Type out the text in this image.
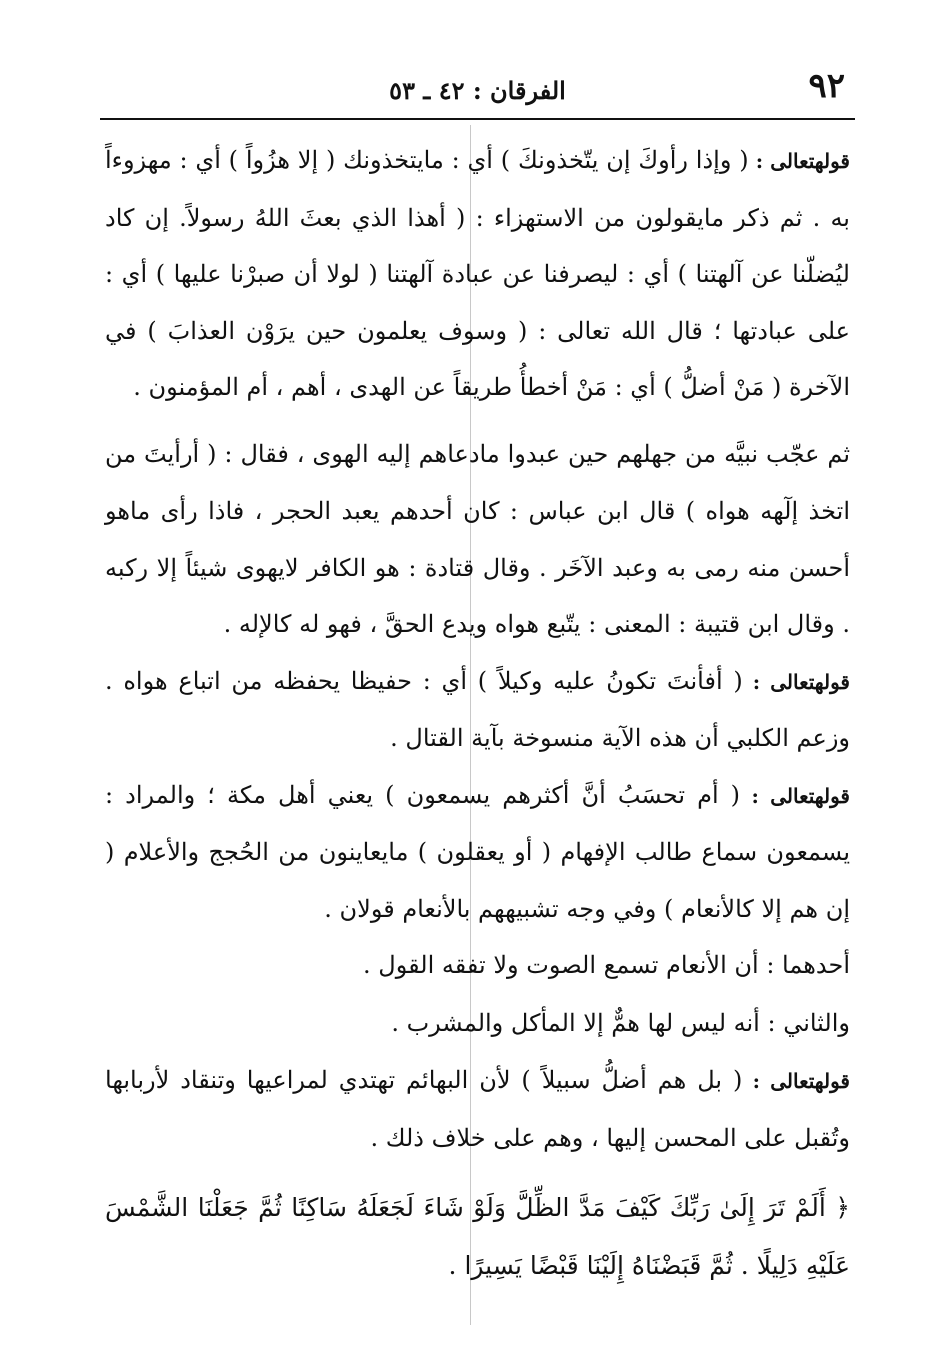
٩٢
الفرقان : ٤٢ ـ ٥٣

قولهتعالى : ( وإذا رأوكَ إن يتّخذونكَ ) أي : مايتخذونك ( إلا هزُواً ) أي : مهزوءاً به . ثم ذكر مايقولون من الاستهزاء : ( أهذا الذي بعثَ اللهُ رسولاً. إن كاد ليُضلّنا عن آلهتنا ) أي : ليصرفنا عن عبادة آلهتنا ( لولا أن صبرْنا عليها ) أي : على عبادتها ؛ قال الله تعالى : ( وسوف يعلمون حين يرَوْن العذابَ ) في الآخرة ( مَنْ أضلُّ ) أي : مَنْ أخطأُ طريقاً عن الهدى ، أهم ، أم المؤمنون .

ثم عجّب نبيَّه من جهلهم حين عبدوا مادعاهم إليه الهوى ، فقال : ( أرأيتَ من اتخذ إلٓهه هواه ) قال ابن عباس : كان أحدهم يعبد الحجر ، فاذا رأى ماهو أحسن منه رمى به وعبد الآخَر . وقال قتادة : هو الكافر لايهوى شيئاً إلا ركبه . وقال ابن قتيبة : المعنى : يتّبع هواه ويدع الحقَّ ، فهو له كالإله .

قولهتعالى : ( أفأنتَ تكونُ عليه وكيلاً ) أي : حفيظا يحفظه من اتباع هواه . وزعم الكلبي أن هذه الآية منسوخة بآية القتال .

قولهتعالى : ( أم تحسَبُ أنَّ أكثرهم يسمعون ) يعني أهل مكة ؛ والمراد : يسمعون سماع طالب الإفهام ( أو يعقلون ) مايعاينون من الحُجج والأعلام ( إن هم إلا كالأنعام ) وفي وجه تشبيههم بالأنعام قولان .

أحدهما : أن الأنعام تسمع الصوت ولا تفقه القول .

والثاني : أنه ليس لها همٌّ إلا المأكل والمشرب .

قولهتعالى : ( بل هم أضلُّ سبيلاً ) لأن البهائم تهتدي لمراعيها وتنقاد لأربابها وتُقبل على المحسن إليها ، وهم على خلاف ذلك .

﴿ أَلَمْ تَرَ إِلَىٰ رَبِّكَ كَيْفَ مَدَّ الظِّلَّ وَلَوْ شَاءَ لَجَعَلَهُ سَاكِنًا ثُمَّ جَعَلْنَا الشَّمْسَ عَلَيْهِ دَلِيلًا . ثُمَّ قَبَضْنَاهُ إِلَيْنَا قَبْضًا يَسِيرًا .
